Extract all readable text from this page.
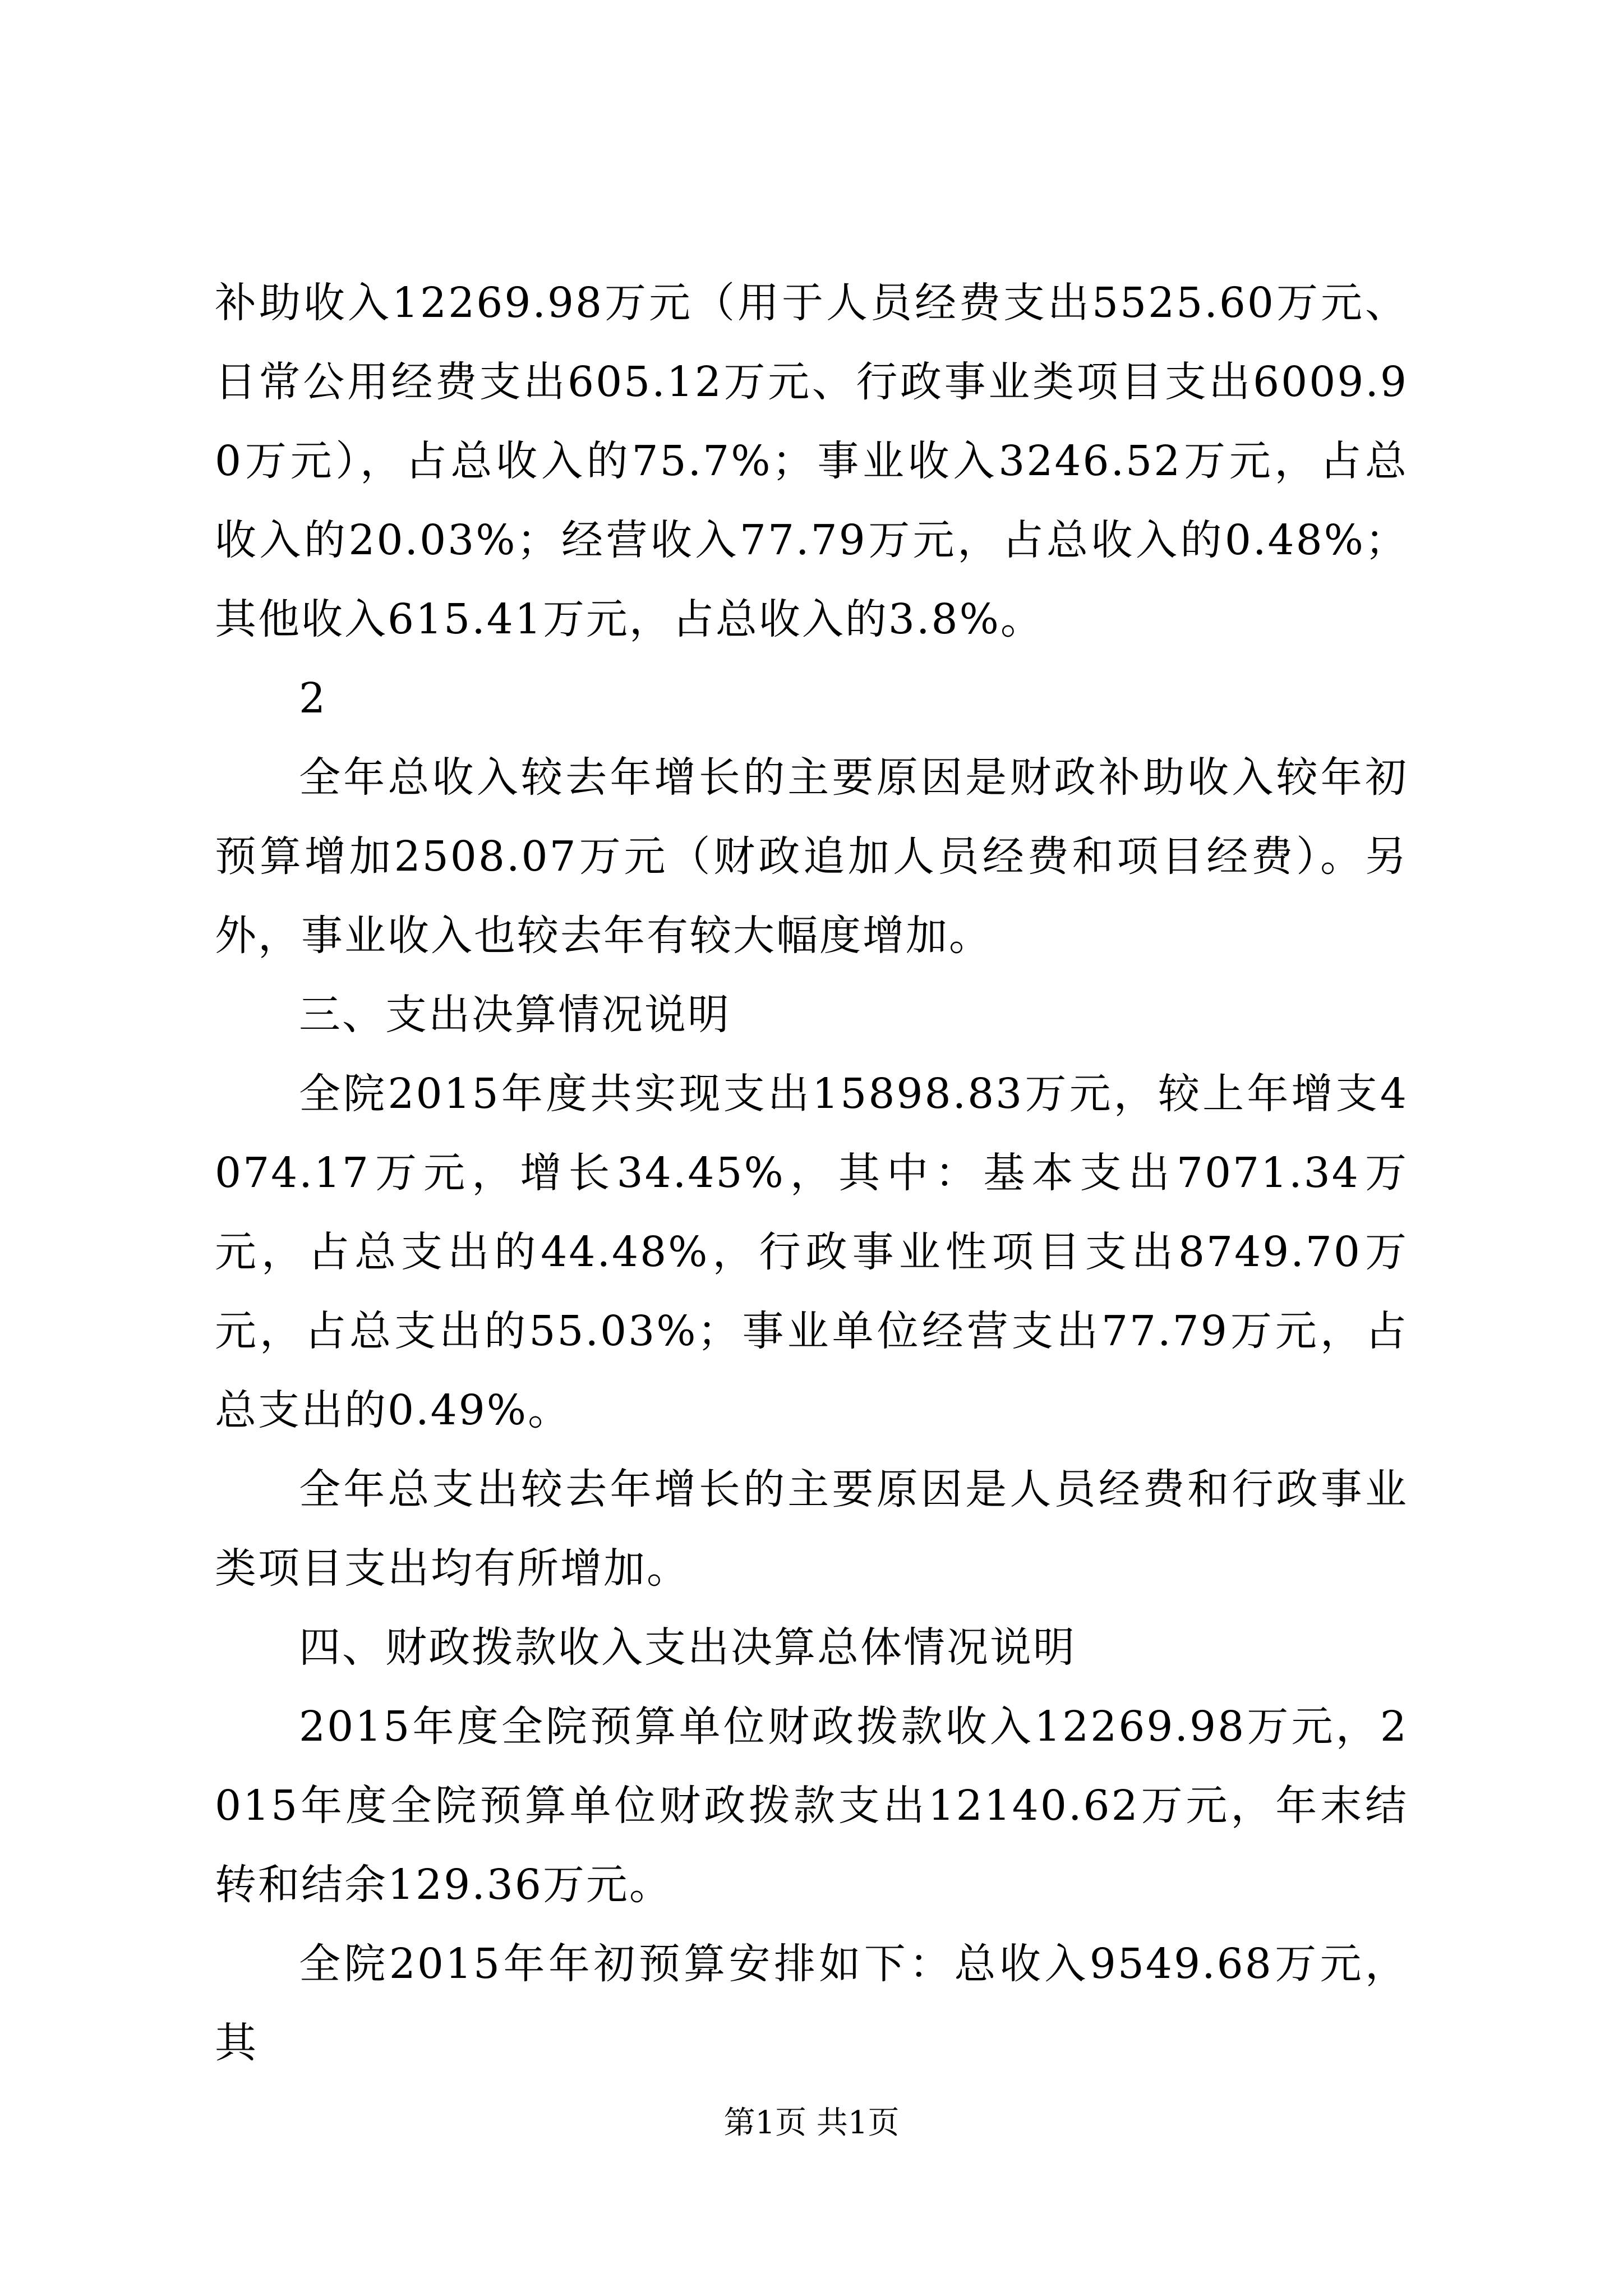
补助收入12269.98万元（用于人员经费支出5525.60万元、日常公用经费支出605.12万元、行政事业类项目支出6009.90万元），占总收入的75.7%；事业收入3246.52万元，占总收入的20.03%；经营收入77.79万元，占总收入的0.48%；其他收入615.41万元，占总收入的3.8%。

2

全年总收入较去年增长的主要原因是财政补助收入较年初预算增加2508.07万元（财政追加人员经费和项目经费）。另外，事业收入也较去年有较大幅度增加。

三、支出决算情况说明

全院2015年度共实现支出15898.83万元，较上年增支4074.17万元，增长34.45%，其中：基本支出7071.34万元，占总支出的44.48%，行政事业性项目支出8749.70万元，占总支出的55.03%；事业单位经营支出77.79万元，占总支出的0.49%。

全年总支出较去年增长的主要原因是人员经费和行政事业类项目支出均有所增加。

四、财政拨款收入支出决算总体情况说明

2015年度全院预算单位财政拨款收入12269.98万元，2015年度全院预算单位财政拨款支出12140.62万元，年末结转和结余129.36万元。

全院2015年年初预算安排如下：总收入9549.68万元，其

第1页 共1页
